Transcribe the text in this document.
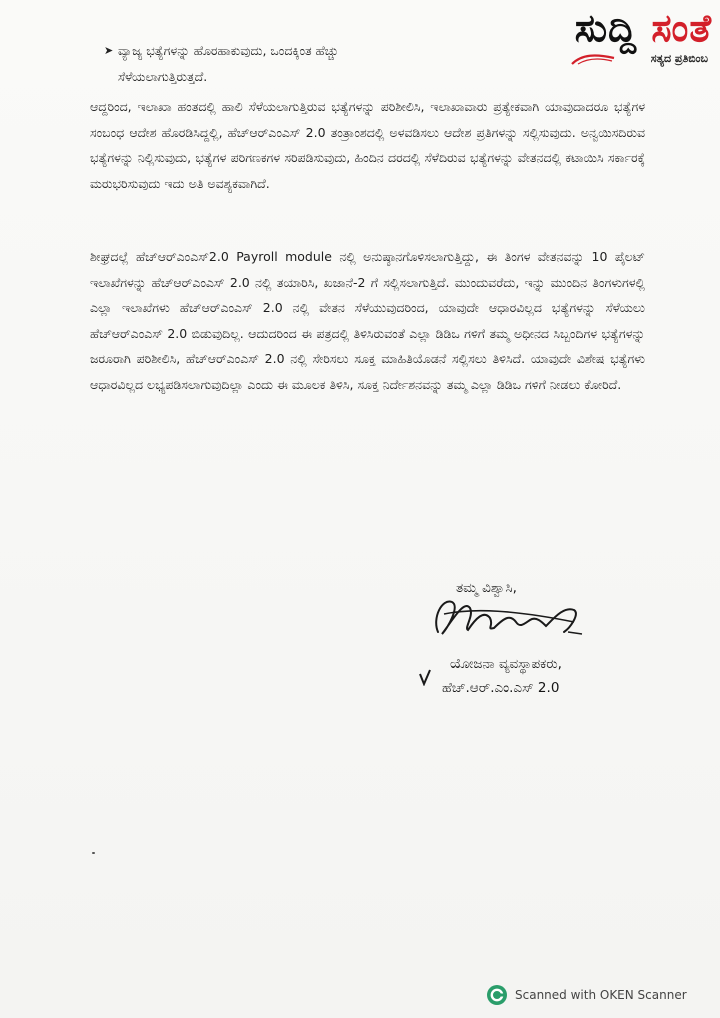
ಸುದ್ದಿ ಸಂತೆ
ಸತ್ಯದ ಪ್ರತಿಬಿಂಬ
➤ ವ್ಯಾಜ್ಯ ಭತ್ಯೆಗಳನ್ನು ಹೊರಹಾಕುವುದು, ಒಂದಕ್ಕಿಂತ ಹೆಚ್ಚು
ಸೆಳೆಯಲಾಗುತ್ತಿರುತ್ತದೆ.
ಆದ್ದರಿಂದ, ಇಲಾಖಾ ಹಂತದಲ್ಲಿ ಹಾಲಿ ಸೆಳೆಯಲಾಗುತ್ತಿರುವ ಭತ್ಯೆಗಳನ್ನು ಪರಿಶೀಲಿಸಿ, ಇಲಾಖಾವಾರು ಪ್ರತ್ಯೇಕವಾಗಿ ಯಾವುದಾದರೂ ಭತ್ಯೆಗಳ ಸಂಬಂಧ ಆದೇಶ ಹೊರಡಿಸಿದ್ದಲ್ಲಿ, ಹೆಚ್‌ಆರ್‌ಎಂಎಸ್ 2.0 ತಂತ್ರಾಂಶದಲ್ಲಿ ಅಳವಡಿಸಲು ಆದೇಶ ಪ್ರತಿಗಳನ್ನು ಸಲ್ಲಿಸುವುದು. ಅನ್ವಯಿಸದಿರುವ ಭತ್ಯೆಗಳನ್ನು ನಿಲ್ಲಿಸುವುದು, ಭತ್ಯೆಗಳ ಪರಿಗಣಕಗಳ ಸರಿಪಡಿಸುವುದು, ಹಿಂದಿನ ದರದಲ್ಲಿ ಸೆಳೆದಿರುವ ಭತ್ಯೆಗಳನ್ನು ವೇತನದಲ್ಲಿ ಕಟಾಯಿಸಿ ಸರ್ಕಾರಕ್ಕೆ ಮರುಭರಿಸುವುದು ಇದು ಅತಿ ಅವಶ್ಯಕವಾಗಿದೆ.
ಶೀಘ್ರದಲ್ಲೆ ಹೆಚ್‌ಆರ್‌ಎಂಎಸ್2.0 Payroll module ನಲ್ಲಿ ಅನುಷ್ಠಾನಗೊಳಿಸಲಾಗುತ್ತಿದ್ದು, ಈ ತಿಂಗಳ ವೇತನವನ್ನು 10 ಪೈಲಟ್ ಇಲಾಖೆಗಳನ್ನು ಹೆಚ್‌ಆರ್‌ಎಂಎಸ್ 2.0 ನಲ್ಲಿ ತಯಾರಿಸಿ, ಖಜಾನೆ-2 ಗೆ ಸಲ್ಲಿಸಲಾಗುತ್ತಿದೆ. ಮುಂದುವರೆದು, ಇನ್ನು ಮುಂದಿನ ತಿಂಗಳುಗಳಲ್ಲಿ ಎಲ್ಲಾ ಇಲಾಖೆಗಳು ಹೆಚ್‌ಆರ್‌ಎಂಎಸ್ 2.0 ನಲ್ಲಿ ವೇತನ ಸೆಳೆಯುವುದರಿಂದ, ಯಾವುದೇ ಆಧಾರವಿಲ್ಲದ ಭತ್ಯೆಗಳನ್ನು ಸೆಳೆಯಲು ಹೆಚ್‌ಆರ್‌ಎಂಎಸ್ 2.0 ಬಿಡುವುದಿಲ್ಲ. ಆದುದರಿಂದ ಈ ಪತ್ರದಲ್ಲಿ ತಿಳಿಸಿರುವಂತೆ ಎಲ್ಲಾ ಡಿಡಿಒ ಗಳಿಗೆ ತಮ್ಮ ಅಧೀನದ ಸಿಬ್ಬಂದಿಗಳ ಭತ್ಯೆಗಳನ್ನು ಜರೂರಾಗಿ ಪರಿಶೀಲಿಸಿ, ಹೆಚ್‌ಆರ್‌ಎಂಎಸ್ 2.0 ನಲ್ಲಿ ಸೇರಿಸಲು ಸೂಕ್ತ ಮಾಹಿತಿಯೊಡನೆ ಸಲ್ಲಿಸಲು ತಿಳಿಸಿದೆ. ಯಾವುದೇ ವಿಶೇಷ ಭತ್ಯೆಗಳು ಆಧಾರವಿಲ್ಲದ ಲಭ್ಯಪಡಿಸಲಾಗುವುದಿಲ್ಲಾ ಎಂದು ಈ ಮೂಲಕ ತಿಳಿಸಿ, ಸೂಕ್ತ ನಿರ್ದೇಶನವನ್ನು ತಮ್ಮ ಎಲ್ಲಾ ಡಿಡಿಒ ಗಳಿಗೆ ನೀಡಲು ಕೋರಿದೆ.
ತಮ್ಮ ವಿಶ್ವಾಸಿ,
ಯೋಜನಾ ವ್ಯವಸ್ಥಾಪಕರು,
ಹೆಚ್.ಆರ್.ಎಂ.ಎಸ್ 2.0
Scanned with OKEN Scanner
